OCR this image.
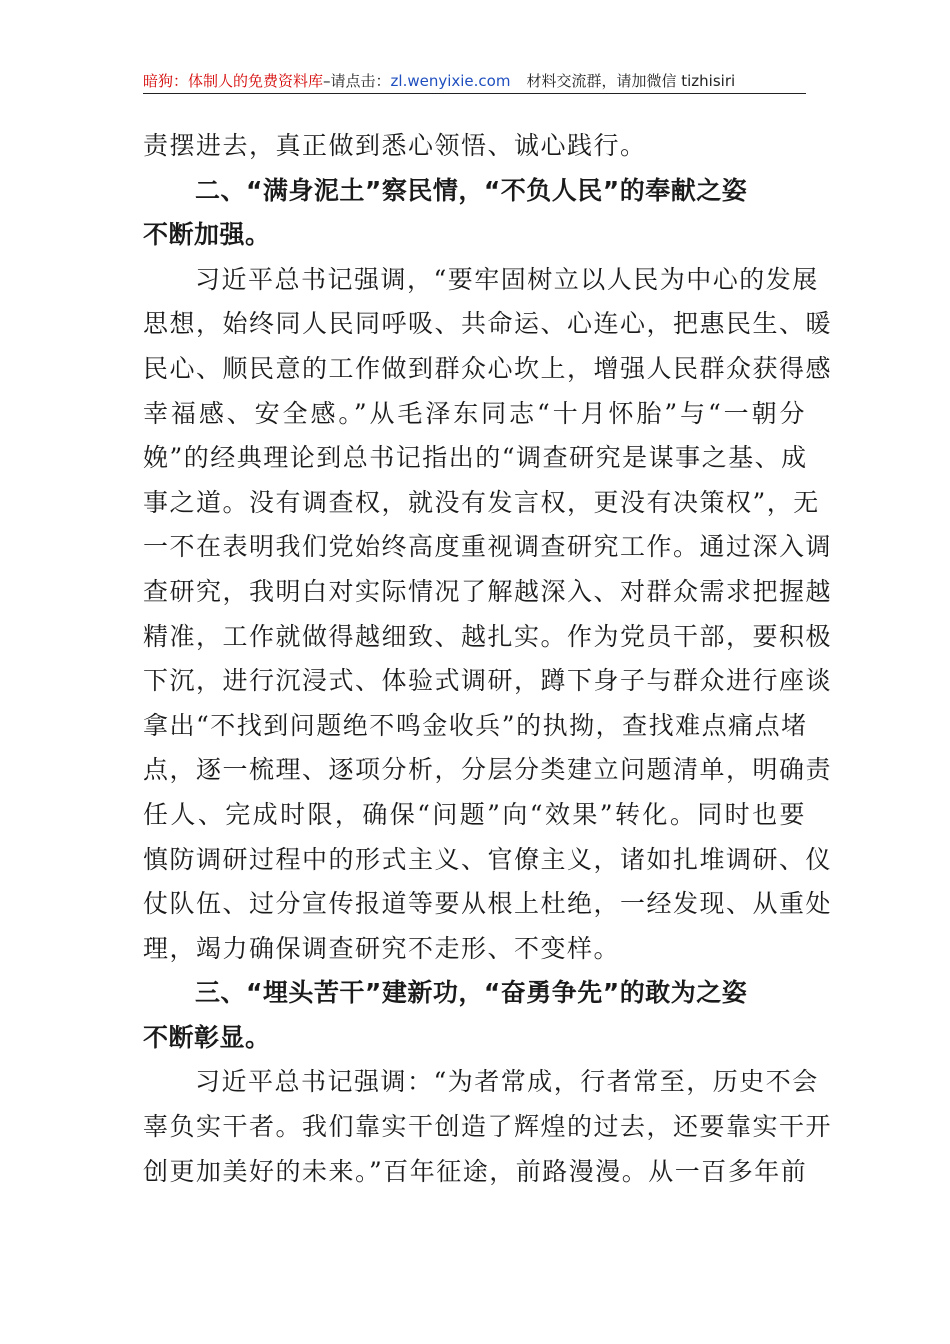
暗狗：体制人的免费资料库–请点击：zl.wenyixie.com 材料交流群，请加微信 tizhisiri
责摆进去，真正做到悉心领悟、诚心践行。
二、“满身泥土”察民情，“不负人民”的奉献之姿
不断加强。
习近平总书记强调，“要牢固树立以人民为中心的发展
思想，始终同人民同呼吸、共命运、心连心，把惠民生、暖
民心、顺民意的工作做到群众心坎上，增强人民群众获得感
幸福感、安全感。”从毛泽东同志“十月怀胎”与“一朝分
娩”的经典理论到总书记指出的“调查研究是谋事之基、成
事之道。没有调查权，就没有发言权，更没有决策权”，无
一不在表明我们党始终高度重视调查研究工作。通过深入调
查研究，我明白对实际情况了解越深入、对群众需求把握越
精准，工作就做得越细致、越扎实。作为党员干部，要积极
下沉，进行沉浸式、体验式调研，蹲下身子与群众进行座谈
拿出“不找到问题绝不鸣金收兵”的执拗，查找难点痛点堵
点，逐一梳理、逐项分析，分层分类建立问题清单，明确责
任人、完成时限，确保“问题”向“效果”转化。同时也要
慎防调研过程中的形式主义、官僚主义，诸如扎堆调研、仪
仗队伍、过分宣传报道等要从根上杜绝，一经发现、从重处
理，竭力确保调查研究不走形、不变样。
三、“埋头苦干”建新功，“奋勇争先”的敢为之姿
不断彰显。
习近平总书记强调：“为者常成，行者常至，历史不会
辜负实干者。我们靠实干创造了辉煌的过去，还要靠实干开
创更加美好的未来。”百年征途，前路漫漫。从一百多年前
